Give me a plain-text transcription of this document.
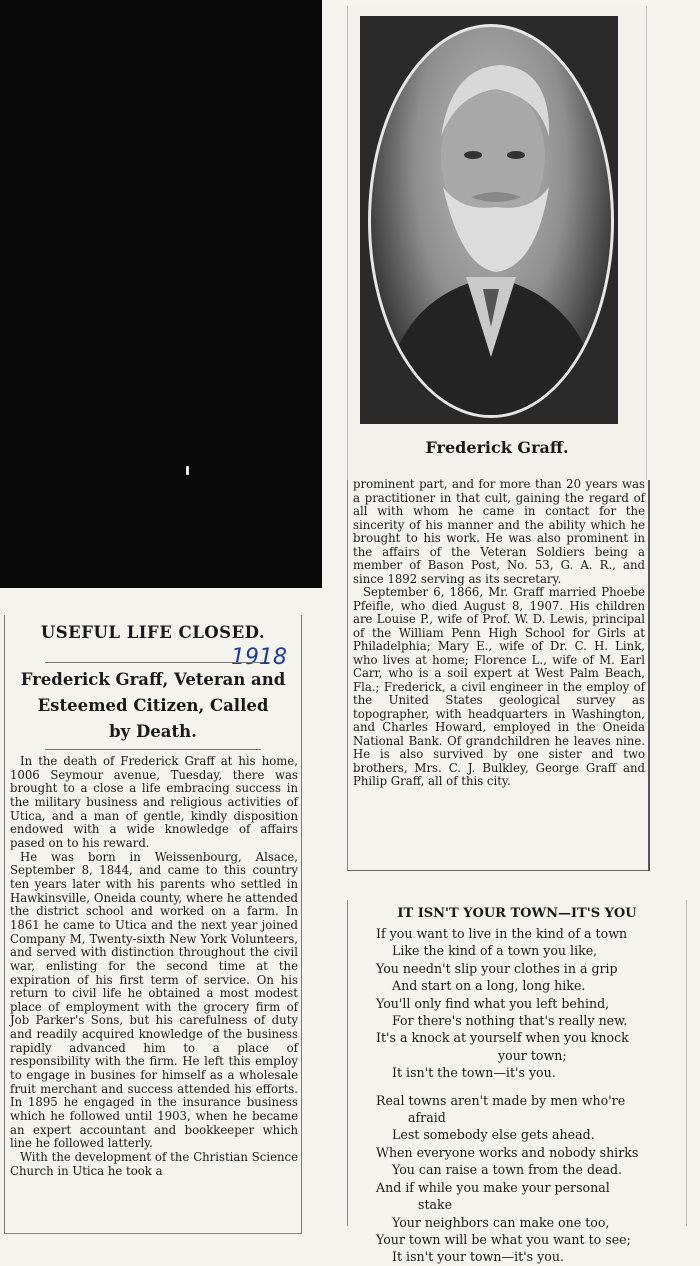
Frederick Graff.

prominent part, and for more than 20 years was a practitioner in that cult, gaining the regard of all with whom he came in contact for the sincerity of his manner and the ability which he brought to his work. He was also prominent in the affairs of the Veteran Soldiers being a member of Bason Post, No. 53, G. A. R., and since 1892 serving as its secretary.

September 6, 1866, Mr. Graff married Phoebe Pfeifle, who died August 8, 1907. His children are Louise P., wife of Prof. W. D. Lewis, principal of the William Penn High School for Girls at Philadelphia; Mary E., wife of Dr. C. H. Link, who lives at home; Florence L., wife of M. Earl Carr, who is a soil expert at West Palm Beach, Fla.; Frederick, a civil engineer in the employ of the United States geological survey as topographer, with headquarters in Washington, and Charles Howard, employed in the Oneida National Bank. Of grandchildren he leaves nine. He is also survived by one sister and two brothers, Mrs. C. J. Bulkley, George Graff and Philip Graff, all of this city.

USEFUL LIFE CLOSED.
1918
Frederick Graff, Veteran and
Esteemed Citizen, Called
by Death.

In the death of Frederick Graff at his home, 1006 Seymour avenue, Tuesday, there was brought to a close a life embracing success in the military business and religious activities of Utica, and a man of gentle, kindly disposition endowed with a wide knowledge of affairs pased on to his reward.

He was born in Weissenbourg, Alsace, September 8, 1844, and came to this country ten years later with his parents who settled in Hawkinsville, Oneida county, where he attended the district school and worked on a farm. In 1861 he came to Utica and the next year joined Company M, Twenty-sixth New York Volunteers, and served with distinction throughout the civil war, enlisting for the second time at the expiration of his first term of service. On his return to civil life he obtained a most modest place of employment with the grocery firm of Job Parker's Sons, but his carefulness of duty and readily acquired knowledge of the business rapidly advanced him to a place of responsibility with the firm. He left this employ to engage in busines for himself as a wholesale fruit merchant and success attended his efforts. In 1895 he engaged in the insurance business which he followed until 1903, when he became an expert accountant and bookkeeper which line he followed latterly.

With the development of the Christian Science Church in Utica he took a

IT ISN'T YOUR TOWN—IT'S YOU
If you want to live in the kind of a town
Like the kind of a town you like,
You needn't slip your clothes in a grip
And start on a long, long hike.
You'll only find what you left behind,
For there's nothing that's really new.
It's a knock at yourself when you knock
your town;
It isn't the town—it's you.
Real towns aren't made by men who're
afraid
Lest somebody else gets ahead.
When everyone works and nobody shirks
You can raise a town from the dead.
And if while you make your personal
stake
Your neighbors can make one too,
Your town will be what you want to see;
It isn't your town—it's you.
